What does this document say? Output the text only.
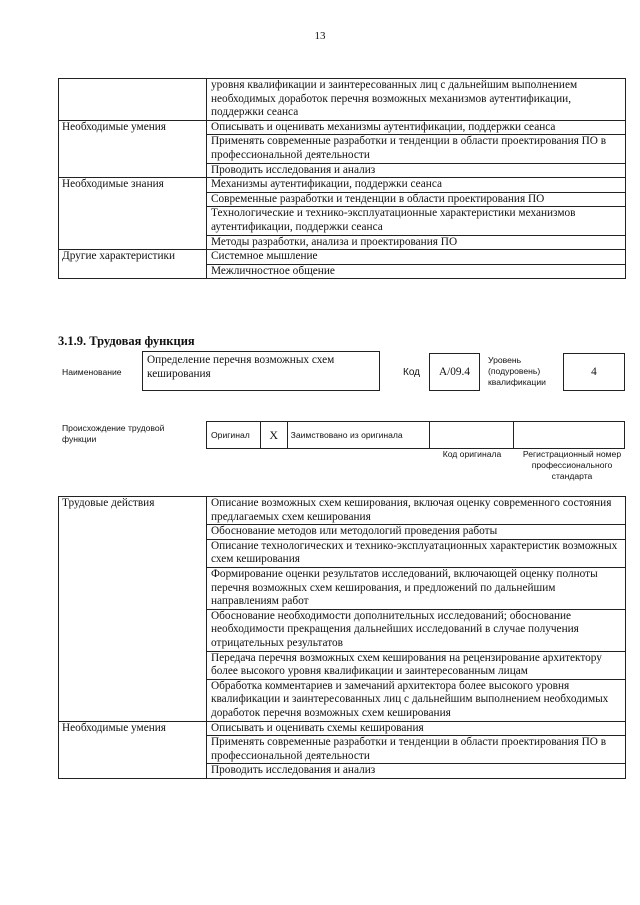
13
	уровня квалификации и заинтересованных лиц с дальнейшим выполнением необходимых доработок перечня возможных механизмов аутентификации, поддержки сеанса
Необходимые умения	Описывать и оценивать механизмы аутентификации, поддержки сеанса
	Применять современные разработки и тенденции в области проектирования ПО в профессиональной деятельности
	Проводить исследования и анализ
Необходимые знания	Механизмы аутентификации, поддержки сеанса
	Современные разработки и тенденции в области проектирования ПО
	Технологические и технико-эксплуатационные характеристики механизмов аутентификации, поддержки сеанса
	Методы разработки, анализа и проектирования ПО
Другие характеристики	Системное мышление
	Межличностное общение
3.1.9. Трудовая функция
Наименование
Определение перечня возможных схем кеширования	Код	A/09.4
Уровень (подуровень) квалификации
4
Происхождение трудовой функции	Оригинал X Заимствовано из оригинала
Код оригинала	Регистрационный номер профессионального стандарта
Трудовые действия	Описание возможных схем кеширования, включая оценку современного состояния предлагаемых схем кеширования
	Обоснование методов или методологий проведения работы
	Описание технологических и технико-эксплуатационных характеристик возможных схем кеширования
	Формирование оценки результатов исследований, включающей оценку полноты перечня возможных схем кеширования, и предложений по дальнейшим направлениям работ
	Обоснование необходимости дополнительных исследований; обоснование необходимости прекращения дальнейших исследований в случае получения отрицательных результатов
	Передача перечня возможных схем кеширования на рецензирование архитектору более высокого уровня квалификации и заинтересованным лицам
	Обработка комментариев и замечаний архитектора более высокого уровня квалификации и заинтересованных лиц с дальнейшим выполнением необходимых доработок перечня возможных схем кеширования
Необходимые умения	Описывать и оценивать схемы кеширования
	Применять современные разработки и тенденции в области проектирования ПО в профессиональной деятельности
	Проводить исследования и анализ
